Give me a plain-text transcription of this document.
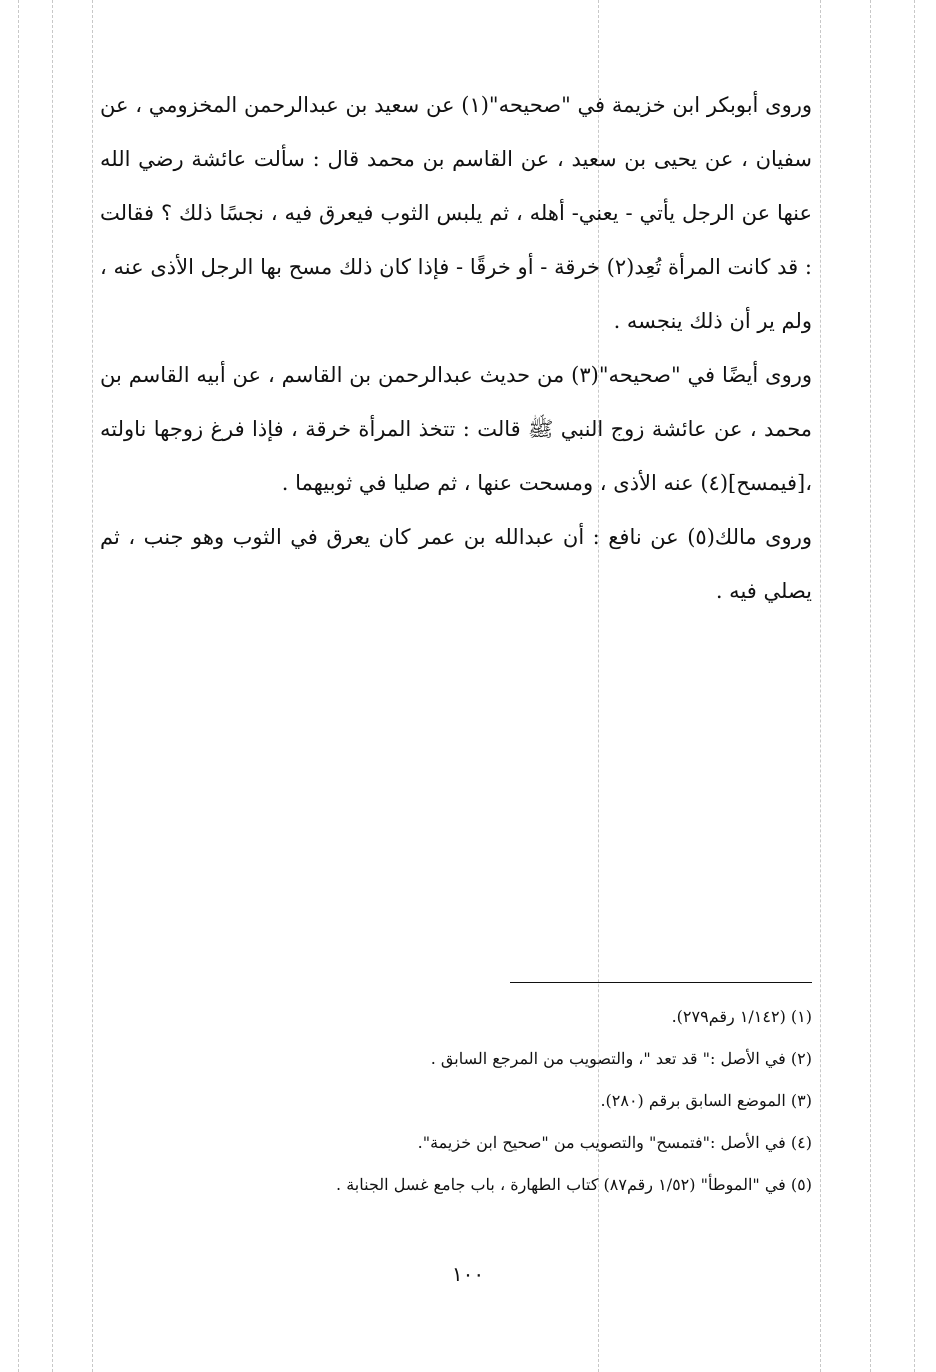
وروى أبوبكر ابن خزيمة في "صحيحه"(١) عن سعيد بن عبدالرحمن المخزومي ، عن سفيان ، عن يحيى بن سعيد ، عن القاسم بن محمد قال : سألت عائشة رضي الله عنها عن الرجل يأتي - يعني- أهله ، ثم يلبس الثوب فيعرق فيه ، نجسًا ذلك ؟ فقالت : قد كانت المرأة تُعِد(٢) خرقة - أو خرقًا - فإذا كان ذلك مسح بها الرجل الأذى عنه ، ولم ير أن ذلك ينجسه .

وروى أيضًا في "صحيحه"(٣) من حديث عبدالرحمن بن القاسم ، عن أبيه القاسم بن محمد ، عن عائشة زوج النبي ﷺ قالت : تتخذ المرأة خرقة ، فإذا فرغ زوجها ناولته ،[فيمسح](٤) عنه الأذى ، ومسحت عنها ، ثم صليا في ثوبيهما .

وروى مالك(٥) عن نافع : أن عبدالله بن عمر كان يعرق في الثوب وهو جنب ، ثم يصلي فيه .

(١) (١/١٤٢ رقم٢٧٩).

(٢) في الأصل :" قد تعد "، والتصويب من المرجع السابق .

(٣) الموضع السابق برقم (٢٨٠).

(٤) في الأصل :"فتمسح" والتصويب من "صحيح ابن خزيمة".

(٥) في "الموطأ" (١/٥٢ رقم٨٧) كتاب الطهارة ، باب جامع غسل الجنابة .

١٠٠
